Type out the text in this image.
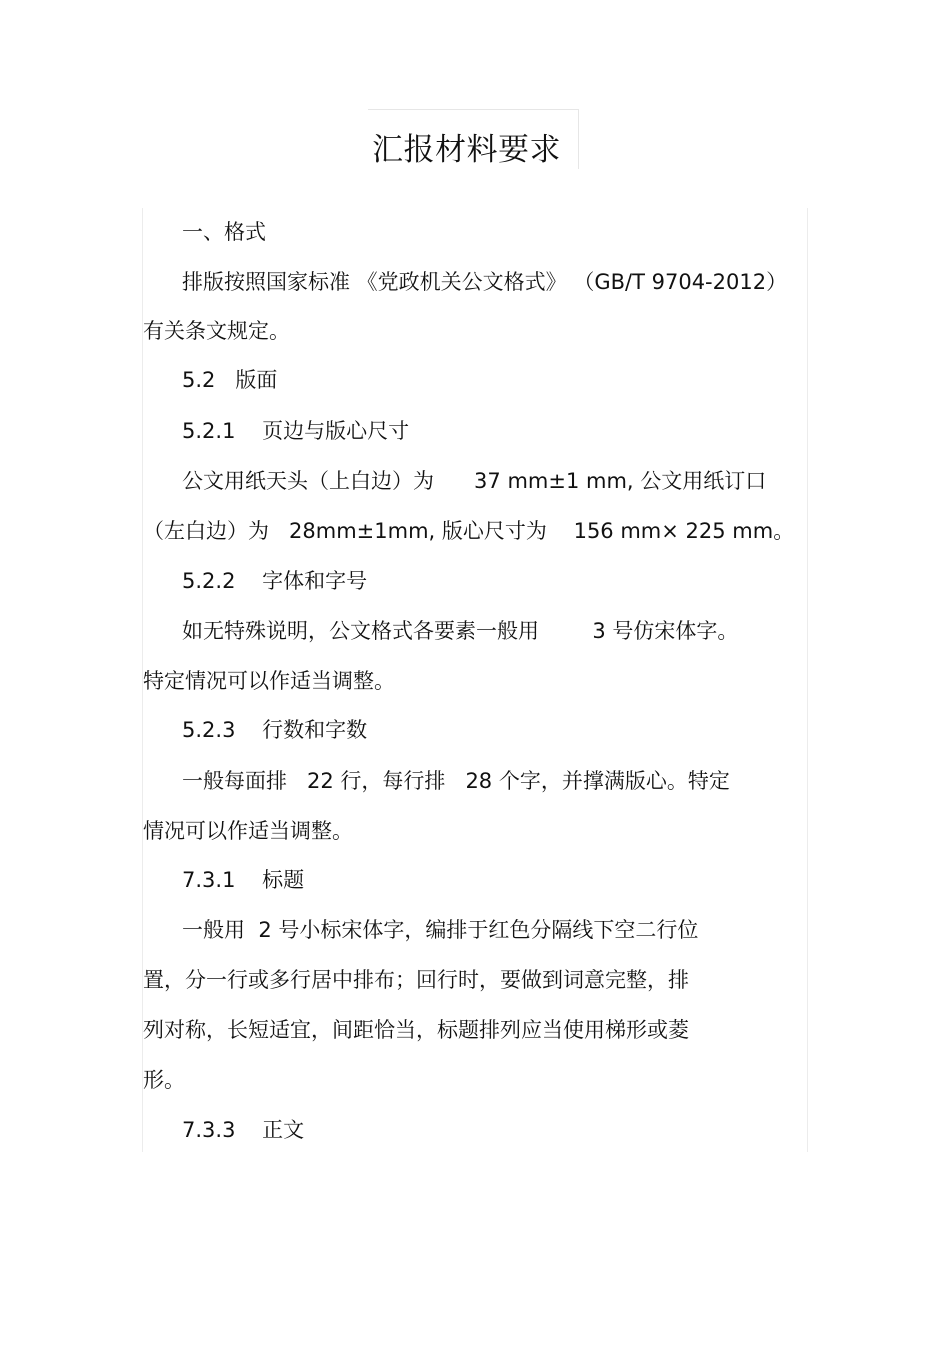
汇报材料要求
一、格式
排版按照国家标准 《党政机关公文格式》 （GB/T 9704-2012）
有关条文规定。
5.2   版面
5.2.1    页边与版心尺寸
公文用纸天头（上白边）为      37 mm±1 mm, 公文用纸订口
（左白边）为   28mm±1mm, 版心尺寸为    156 mm× 225 mm。
5.2.2    字体和字号
如无特殊说明，公文格式各要素一般用        3 号仿宋体字。
特定情况可以作适当调整。
5.2.3    行数和字数
一般每面排   22 行，每行排   28 个字，并撑满版心。特定
情况可以作适当调整。
7.3.1    标题
一般用  2 号小标宋体字，编排于红色分隔线下空二行位
置，分一行或多行居中排布；回行时，要做到词意完整，排
列对称，长短适宜，间距恰当，标题排列应当使用梯形或菱
形。
7.3.3    正文
